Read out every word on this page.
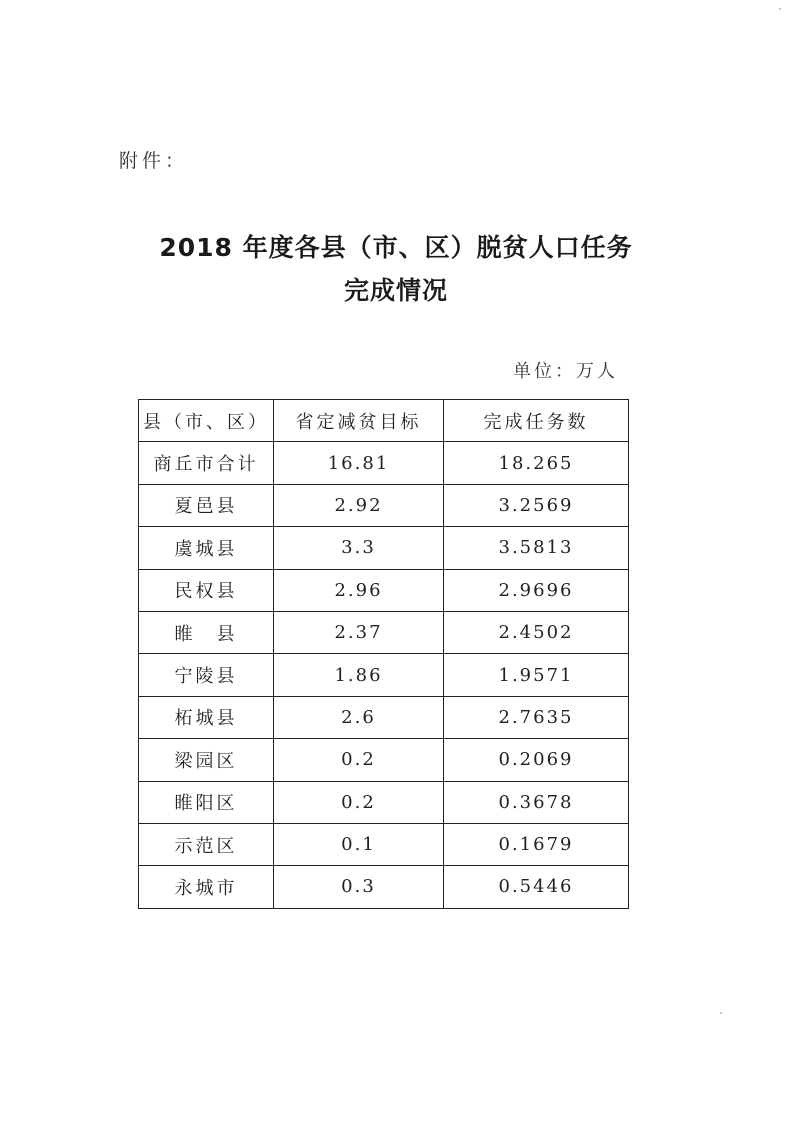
附件：
2018 年度各县（市、区）脱贫人口任务
完成情况
单位：万人
县（市、区）	省定减贫目标	完成任务数
商丘市合计	16.81	18.265
夏邑县	2.92	3.2569
虞城县	3.3	3.5813
民权县	2.96	2.9696
睢　县	2.37	2.4502
宁陵县	1.86	1.9571
柘城县	2.6	2.7635
梁园区	0.2	0.2069
睢阳区	0.2	0.3678
示范区	0.1	0.1679
永城市	0.3	0.5446
